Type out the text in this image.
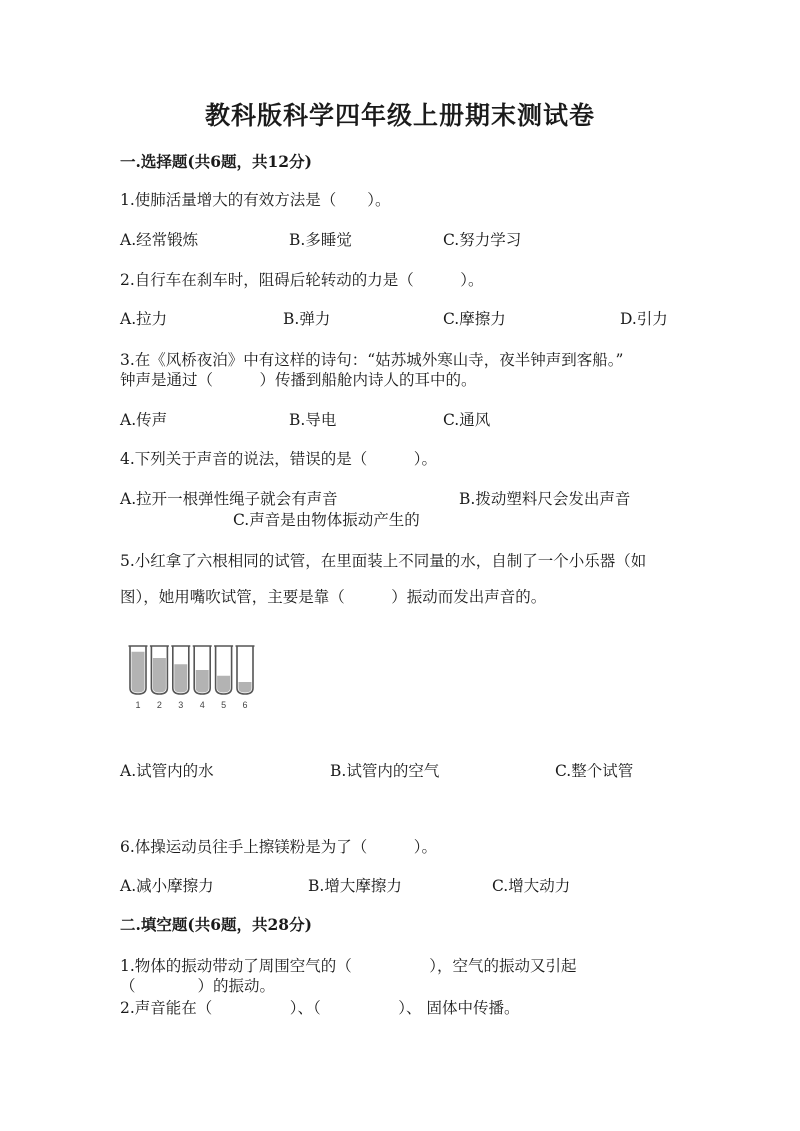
教科版科学四年级上册期末测试卷
一.选择题(共6题，共12分)
1.使肺活量增大的有效方法是（　　）。
A.经常锻炼	B.多睡觉	C.努力学习
2.自行车在刹车时，阻碍后轮转动的力是（　　　）。
A.拉力	B.弹力	C.摩擦力	D.引力
3.在《风桥夜泊》中有这样的诗句：“姑苏城外寒山寺，夜半钟声到客船。”
钟声是通过（　　　）传播到船舱内诗人的耳中的。
A.传声	B.导电	C.通风
4.下列关于声音的说法，错误的是（　　　）。
A.拉开一根弹性绳子就会有声音	B.拨动塑料尺会发出声音
C.声音是由物体振动产生的
5.小红拿了六根相同的试管，在里面装上不同量的水，自制了一个小乐器（如
图），她用嘴吹试管，主要是靠（　　　）振动而发出声音的。
1 2 3 4 5 6
A.试管内的水	B.试管内的空气	C.整个试管
6.体操运动员往手上擦镁粉是为了（　　　）。
A.减小摩擦力	B.增大摩擦力	C.增大动力
二.填空题(共6题，共28分)
1.物体的振动带动了周围空气的（　　　　　），空气的振动又引起
（　　　　）的振动。
2.声音能在（　　　　　）、（　　　　　）、 固体中传播。
